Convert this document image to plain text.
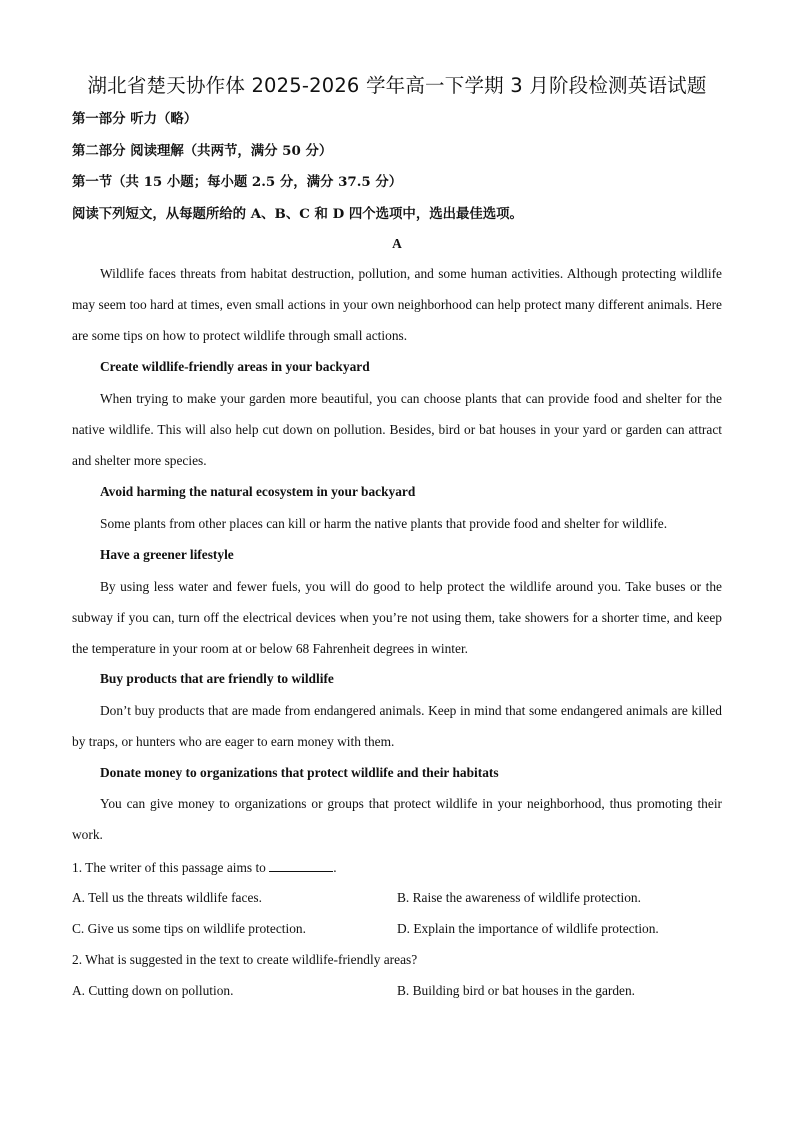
湖北省楚天协作体 2025-2026 学年高一下学期 3 月阶段检测英语试题
第一部分 听力（略）
第二部分 阅读理解（共两节，满分 50 分）
第一节（共 15 小题；每小题 2.5 分，满分 37.5 分）
阅读下列短文，从每题所给的 A、B、C 和 D 四个选项中，选出最佳选项。
A

Wildlife faces threats from habitat destruction, pollution, and some human activities. Although protecting wildlife may seem too hard at times, even small actions in your own neighborhood can help protect many different animals. Here are some tips on how to protect wildlife through small actions.

Create wildlife-friendly areas in your backyard

When trying to make your garden more beautiful, you can choose plants that can provide food and shelter for the native wildlife. This will also help cut down on pollution. Besides, bird or bat houses in your yard or garden can attract and shelter more species.

Avoid harming the natural ecosystem in your backyard

Some plants from other places can kill or harm the native plants that provide food and shelter for wildlife.

Have a greener lifestyle

By using less water and fewer fuels, you will do good to help protect the wildlife around you. Take buses or the subway if you can, turn off the electrical devices when you’re not using them, take showers for a shorter time, and keep the temperature in your room at or below 68 Fahrenheit degrees in winter.

Buy products that are friendly to wildlife

Don’t buy products that are made from endangered animals. Keep in mind that some endangered animals are killed by traps, or hunters who are eager to earn money with them.

Donate money to organizations that protect wildlife and their habitats

You can give money to organizations or groups that protect wildlife in your neighborhood, thus promoting their work.

1. The writer of this passage aims to	.
A. Tell us the threats wildlife faces.	B. Raise the awareness of wildlife protection.
C. Give us some tips on wildlife protection.	D. Explain the importance of wildlife protection.
2. What is suggested in the text to create wildlife-friendly areas?
A. Cutting down on pollution.	B. Building bird or bat houses in the garden.
